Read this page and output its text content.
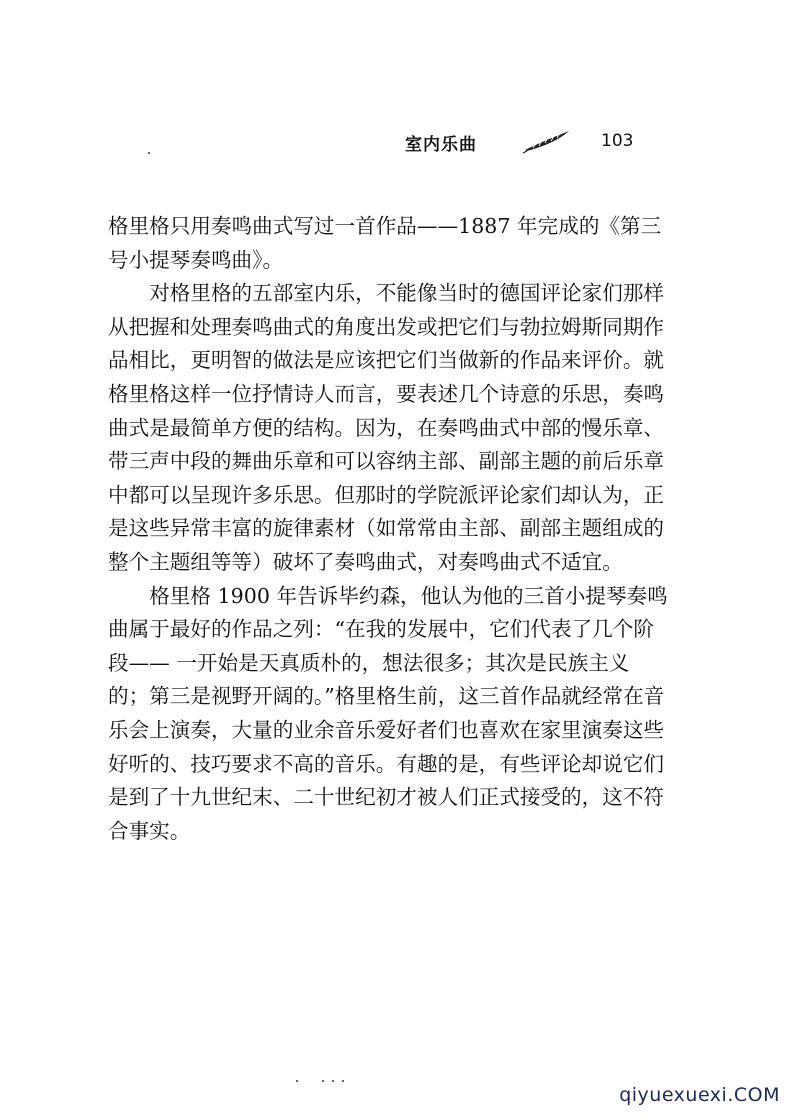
室内乐曲	103

格里格只用奏鸣曲式写过一首作品——1887 年完成的《第三号小提琴奏鸣曲》。

对格里格的五部室内乐，不能像当时的德国评论家们那样从把握和处理奏鸣曲式的角度出发或把它们与勃拉姆斯同期作品相比，更明智的做法是应该把它们当做新的作品来评价。就格里格这样一位抒情诗人而言，要表述几个诗意的乐思，奏鸣曲式是最简单方便的结构。因为，在奏鸣曲式中部的慢乐章、带三声中段的舞曲乐章和可以容纳主部、副部主题的前后乐章中都可以呈现许多乐思。但那时的学院派评论家们却认为，正是这些异常丰富的旋律素材（如常常由主部、副部主题组成的整个主题组等等）破坏了奏鸣曲式，对奏鸣曲式不适宜。

格里格 1900 年告诉毕约森，他认为他的三首小提琴奏鸣曲属于最好的作品之列：“在我的发展中，它们代表了几个阶段—— 一开始是天真质朴的，想法很多；其次是民族主义的；第三是视野开阔的。”格里格生前，这三首作品就经常在音乐会上演奏，大量的业余音乐爱好者们也喜欢在家里演奏这些好听的、技巧要求不高的音乐。有趣的是，有些评论却说它们是到了十九世纪末、二十世纪初才被人们正式接受的，这不符合事实。

qiyuexuexi.COM
